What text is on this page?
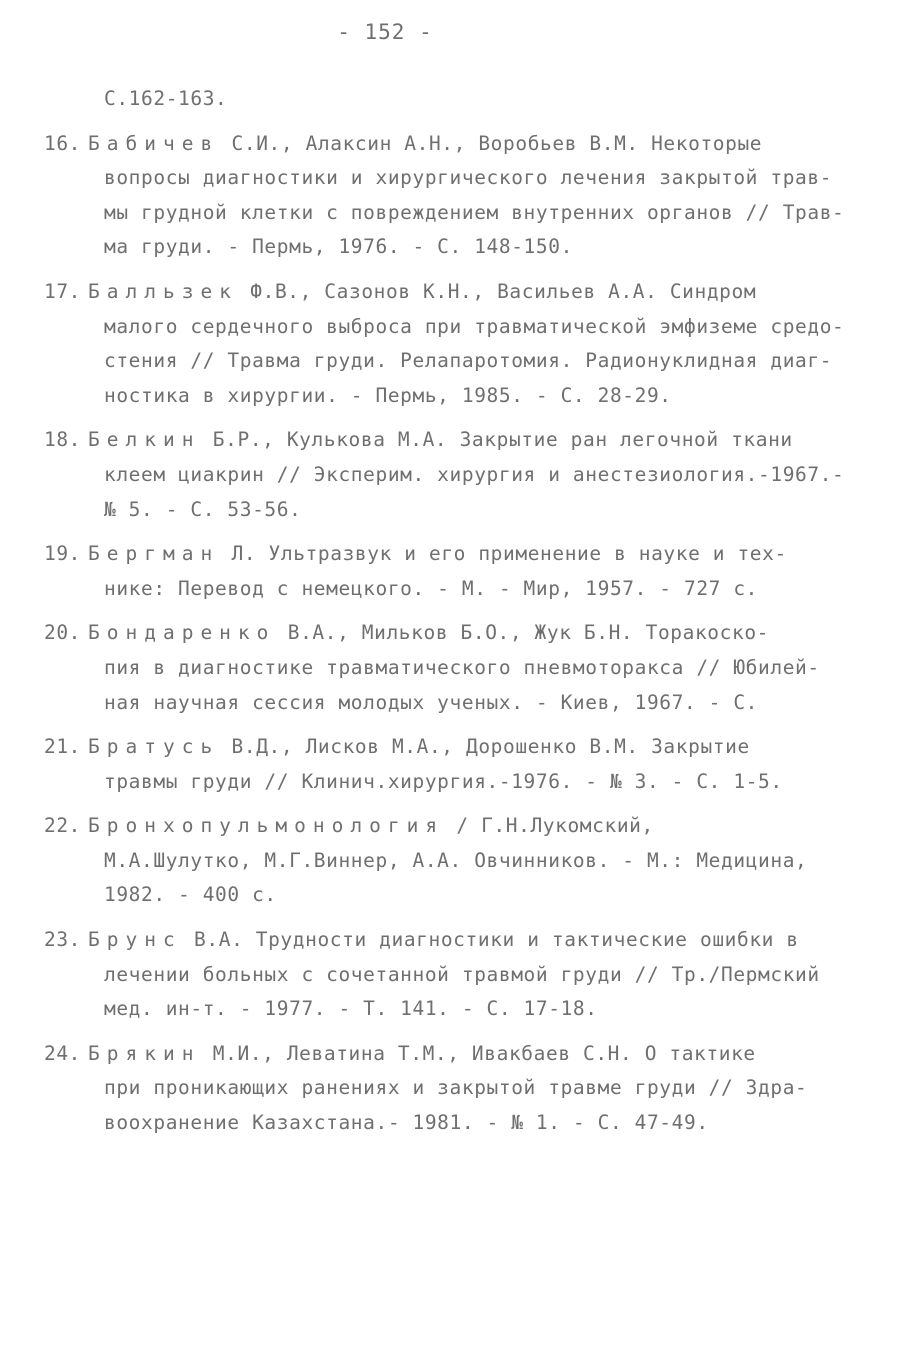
- 152 -
С.162-163.
16. Бабичев С.И., Алаксин А.Н., Воробьев В.М. Некоторые
вопросы диагностики и хирургического лечения закрытой трав-
мы грудной клетки с повреждением внутренних органов // Трав-
ма груди. - Пермь, 1976. - С. 148-150.
17. Балльзек Ф.В., Сазонов К.Н., Васильев А.А. Синдром
малого сердечного выброса при травматической эмфиземе средо-
стения // Травма груди. Релапаротомия. Радионуклидная диаг-
ностика в хирургии. - Пермь, 1985. - С. 28-29.
18. Белкин Б.Р., Кулькова М.А. Закрытие ран легочной ткани
клеем циакрин // Эксперим. хирургия и анестезиология.-1967.-
№ 5. - С. 53-56.
19. Бергман Л. Ультразвук и его применение в науке и тех-
нике: Перевод с немецкого. - М. - Мир, 1957. - 727 с.
20. Бондаренко В.А., Мильков Б.О., Жук Б.Н. Торакоско-
пия в диагностике травматического пневмоторакса // Юбилей-
ная научная сессия молодых ученых. - Киев, 1967. - С.
21. Братусь В.Д., Лисков М.А., Дорошенко В.М. Закрытие
травмы груди // Клинич.хирургия.-1976. - № 3. - С. 1-5.
22. Бронхопульмонология / Г.Н.Лукомский,
М.А.Шулутко, М.Г.Виннер, А.А. Овчинников. - М.: Медицина,
1982. - 400 с.
23. Брунс В.А. Трудности диагностики и тактические ошибки в
лечении больных с сочетанной травмой груди // Тр./Пермский
мед. ин-т. - 1977. - Т. 141. - С. 17-18.
24. Брякин М.И., Леватина Т.М., Ивакбаев С.Н. О тактике
при проникающих ранениях и закрытой травме груди // Здра-
воохранение Казахстана.- 1981. - № 1. - С. 47-49.
